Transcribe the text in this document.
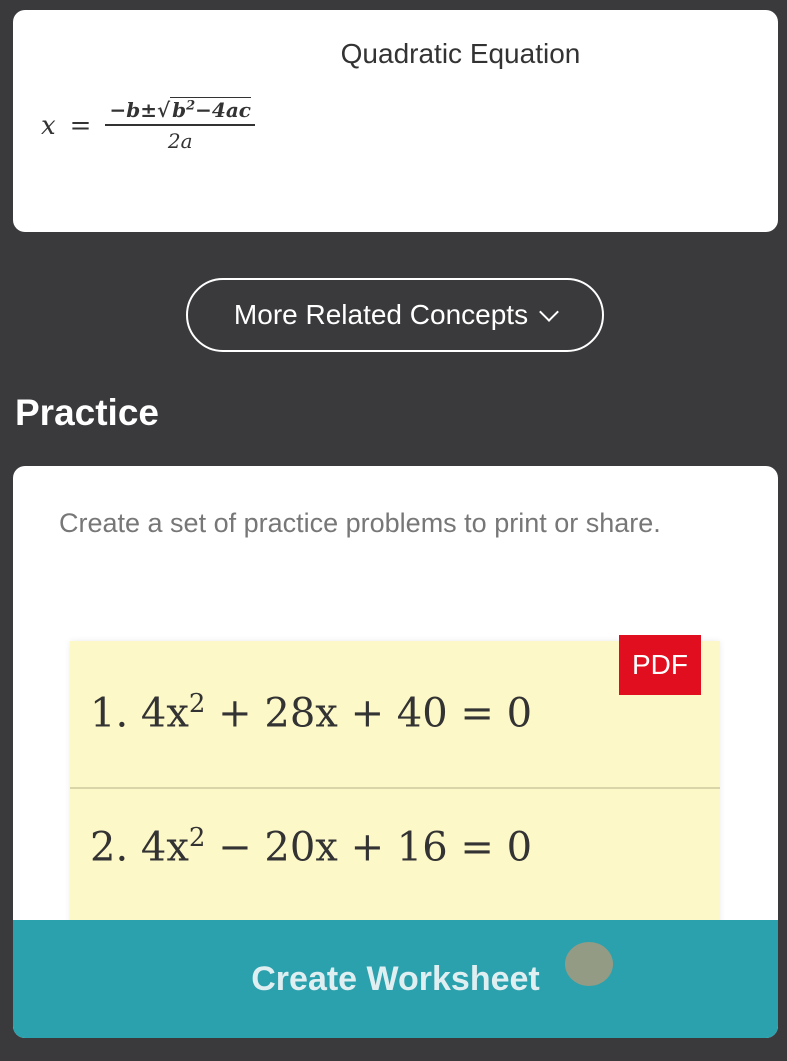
Quadratic Equation
$x = \frac{-b\pm√ b^2-4ac}{2a}$
More Related Concepts
Practice
Create a set of practice problems to print or share.
PDF
1. $4x^2 + 28x + 40 = 0$
2. $4x^2 - 20x + 16 = 0$
Create Worksheet
